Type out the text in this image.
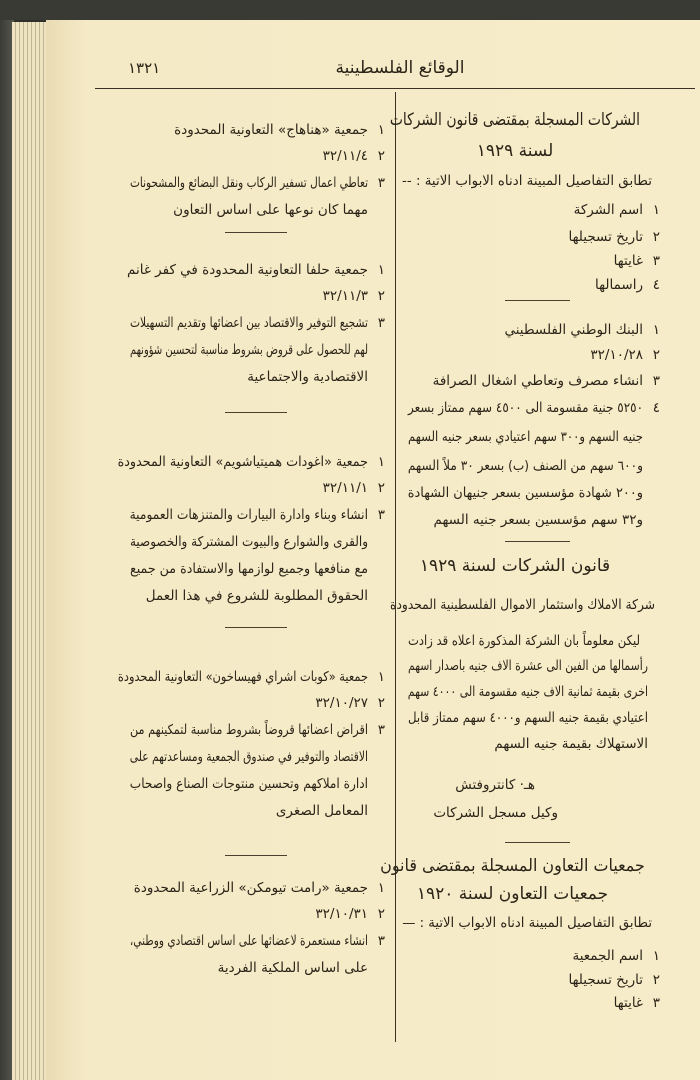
الوقائع الفلسطينية
١٣٢١
الشركات المسجلة بمقتضى قانون الشركات
لسنة ١٩٢٩
تطابق التفاصيل المبينة ادناه الابواب الاتية : --
١
اسم الشركة
٢
تاريخ تسجيلها
٣
غايتها
٤
راسمالها
١
البنك الوطني الفلسطيني
٢
٣٢/١٠/٢٨
٣
انشاء مصرف وتعاطي اشغال الصرافة
٤
٥٢٥٠ جنية مقسومة الى ٤٥٠٠ سهم ممتاز بسعر
جنيه السهم و٣٠٠ سهم اعتيادي بسعر جنيه السهم
و٦٠٠ سهم من الصنف (ب) بسعر ٣٠ ملاً السهم
و٢٠٠ شهادة مؤسسين بسعر جنيهان الشهادة
و٣٢ سهم مؤسسين بسعر جنيه السهم
قانون الشركات لسنة ١٩٢٩
شركة الاملاك واستثمار الاموال الفلسطينية المحدودة
ليكن معلوماً بان الشركة المذكورة اعلاه قد زادت
رأسمالها من الفين الى عشرة الاف جنيه باصدار اسهم
اخرى بقيمة ثمانية الاف جنيه مقسومة الى ٤٠٠٠ سهم
اعتيادي بقيمة جنيه السهم و٤٠٠٠ سهم ممتاز قابل
الاستهلاك بقيمة جنيه السهم
هـ· كانتروفتش
وكيل مسجل الشركات
جمعيات التعاون المسجلة بمقتضى قانون
جمعيات التعاون لسنة ١٩٢٠
تطابق التفاصيل المبينة ادناه الابواب الاتية : —
١
اسم الجمعية
٢
تاريخ تسجيلها
٣
غايتها
١
جمعية «هناهاج» التعاونية المحدودة
٢
٣٢/١١/٤
٣
تعاطي اعمال تسفير الركاب ونقل البضائع والمشحونات
مهما كان نوعها على اساس التعاون
١
جمعية حلفا التعاونية المحدودة في كفر غانم
٢
٣٢/١١/٣
٣
تشجيع التوفير والاقتصاد بين اعضائها وتقديم التسهيلات
لهم للحصول على قروض بشروط مناسبة لتحسين شؤونهم
الاقتصادية والاجتماعية
١
جمعية «اغودات هميتياشويم» التعاونية المحدودة
٢
٣٢/١١/١
٣
انشاء وبناء وادارة البيارات والمتنزهات العمومية
والقرى والشوارع والبيوت المشتركة والخصوصية
مع منافعها وجميع لوازمها والاستفادة من جميع
الحقوق المطلوبة للشروع في هذا العمل
١
جمعية «كوبات اشراي فهيساخون» التعاونية المحدودة
٢
٣٢/١٠/٢٧
٣
اقراض اعضائها قروضاً بشروط مناسبة لتمكينهم من
الاقتصاد والتوفير في صندوق الجمعية ومساعدتهم على
ادارة املاكهم وتحسين منتوجات الصناع واصحاب
المعامل الصغرى
١
جمعية «رامت تيومكن» الزراعية المحدودة
٢
٣٢/١٠/٣١
٣
انشاء مستعمرة لاعضائها على اساس اقتصادي ووطني،
على اساس الملكية الفردية
